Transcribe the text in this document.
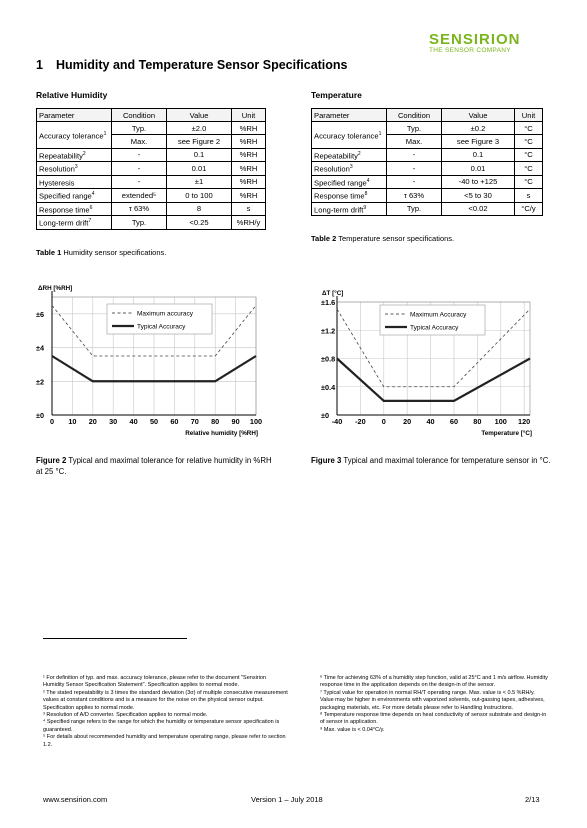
SENSIRION
THE SENSOR COMPANY
1 Humidity and Temperature Sensor Specifications
Relative Humidity
Parameter	Condition	Value	Unit
Accuracy tolerance$^1$	Typ.	±2.0	%RH
	Max.	see Figure 2	%RH
Repeatability$^2$	-	0.1	%RH
Resolution$^3$	-	0.01	%RH
Hysteresis	-	±1	%RH
Specified range$^4$	extended⁵	0 to 100	%RH
Response time$^6$	τ 63%	8	s
Long-term drift$^7$	Typ.	<0.25	%RH/y
Table 1 Humidity sensor specifications.
Temperature
Parameter	Condition	Value	Unit
Accuracy tolerance$^1$	Typ.	±0.2	°C
	Max.	see Figure 3	°C
Repeatability$^2$	-	0.1	°C
Resolution$^3$	-	0.01	°C
Specified range$^4$	-	-40 to +125	°C
Response time$^8$	τ 63%	<5 to 30	s
Long-term drift$^9$	Typ.	<0.02	°C/y
Table 2 Temperature sensor specifications.
0 10 20 30 40 50 60 70 80 90 100
±0
±2
±4
±6
ΔRH [%RH]
Relative humidity [%RH]
Maximum accuracy
Typical Accuracy
-40 -20 0 20 40 60 80 100 120
±0
±0.4
±0.8
±1.2
±1.6
ΔT [°C]
Temperature [°C]
Maximum Accuracy
Typical Accuracy
Figure 2 Typical and maximal tolerance for relative humidity in %RH at 25 °C.
Figure 3 Typical and maximal tolerance for temperature sensor in °C.
¹ For definition of typ. and max. accuracy tolerance, please refer to the document "Sensirion Humidity Sensor Specification Statement". Specification applies to normal mode.
² The stated repeatability is 3 times the standard deviation (3σ) of multiple consecutive measurement values at constant conditions and is a measure for the noise on the physical sensor output. Specification applies to normal mode.
³ Resolution of A/D converter. Specification applies to normal mode.
⁴ Specified range refers to the range for which the humidity or temperature sensor specification is guaranteed.
⁵ For details about recommended humidity and temperature operating range, please refer to section 1.2.
⁶ Time for achieving 63% of a humidity step function, valid at 25°C and 1 m/s airflow. Humidity response time in the application depends on the design-in of the sensor.
⁷ Typical value for operation in normal RH/T operating range. Max. value is < 0.5 %RH/y. Value may be higher in environments with vaporized solvents, out-gassing tapes, adhesives, packaging materials, etc. For more details please refer to Handling Instructions.
⁸ Temperature response time depends on heat conductivity of sensor substrate and design-in of sensor in application.
⁹ Max. value is < 0.04°C/y.
www.sensirion.com	Version 1 – July 2018	2/13
